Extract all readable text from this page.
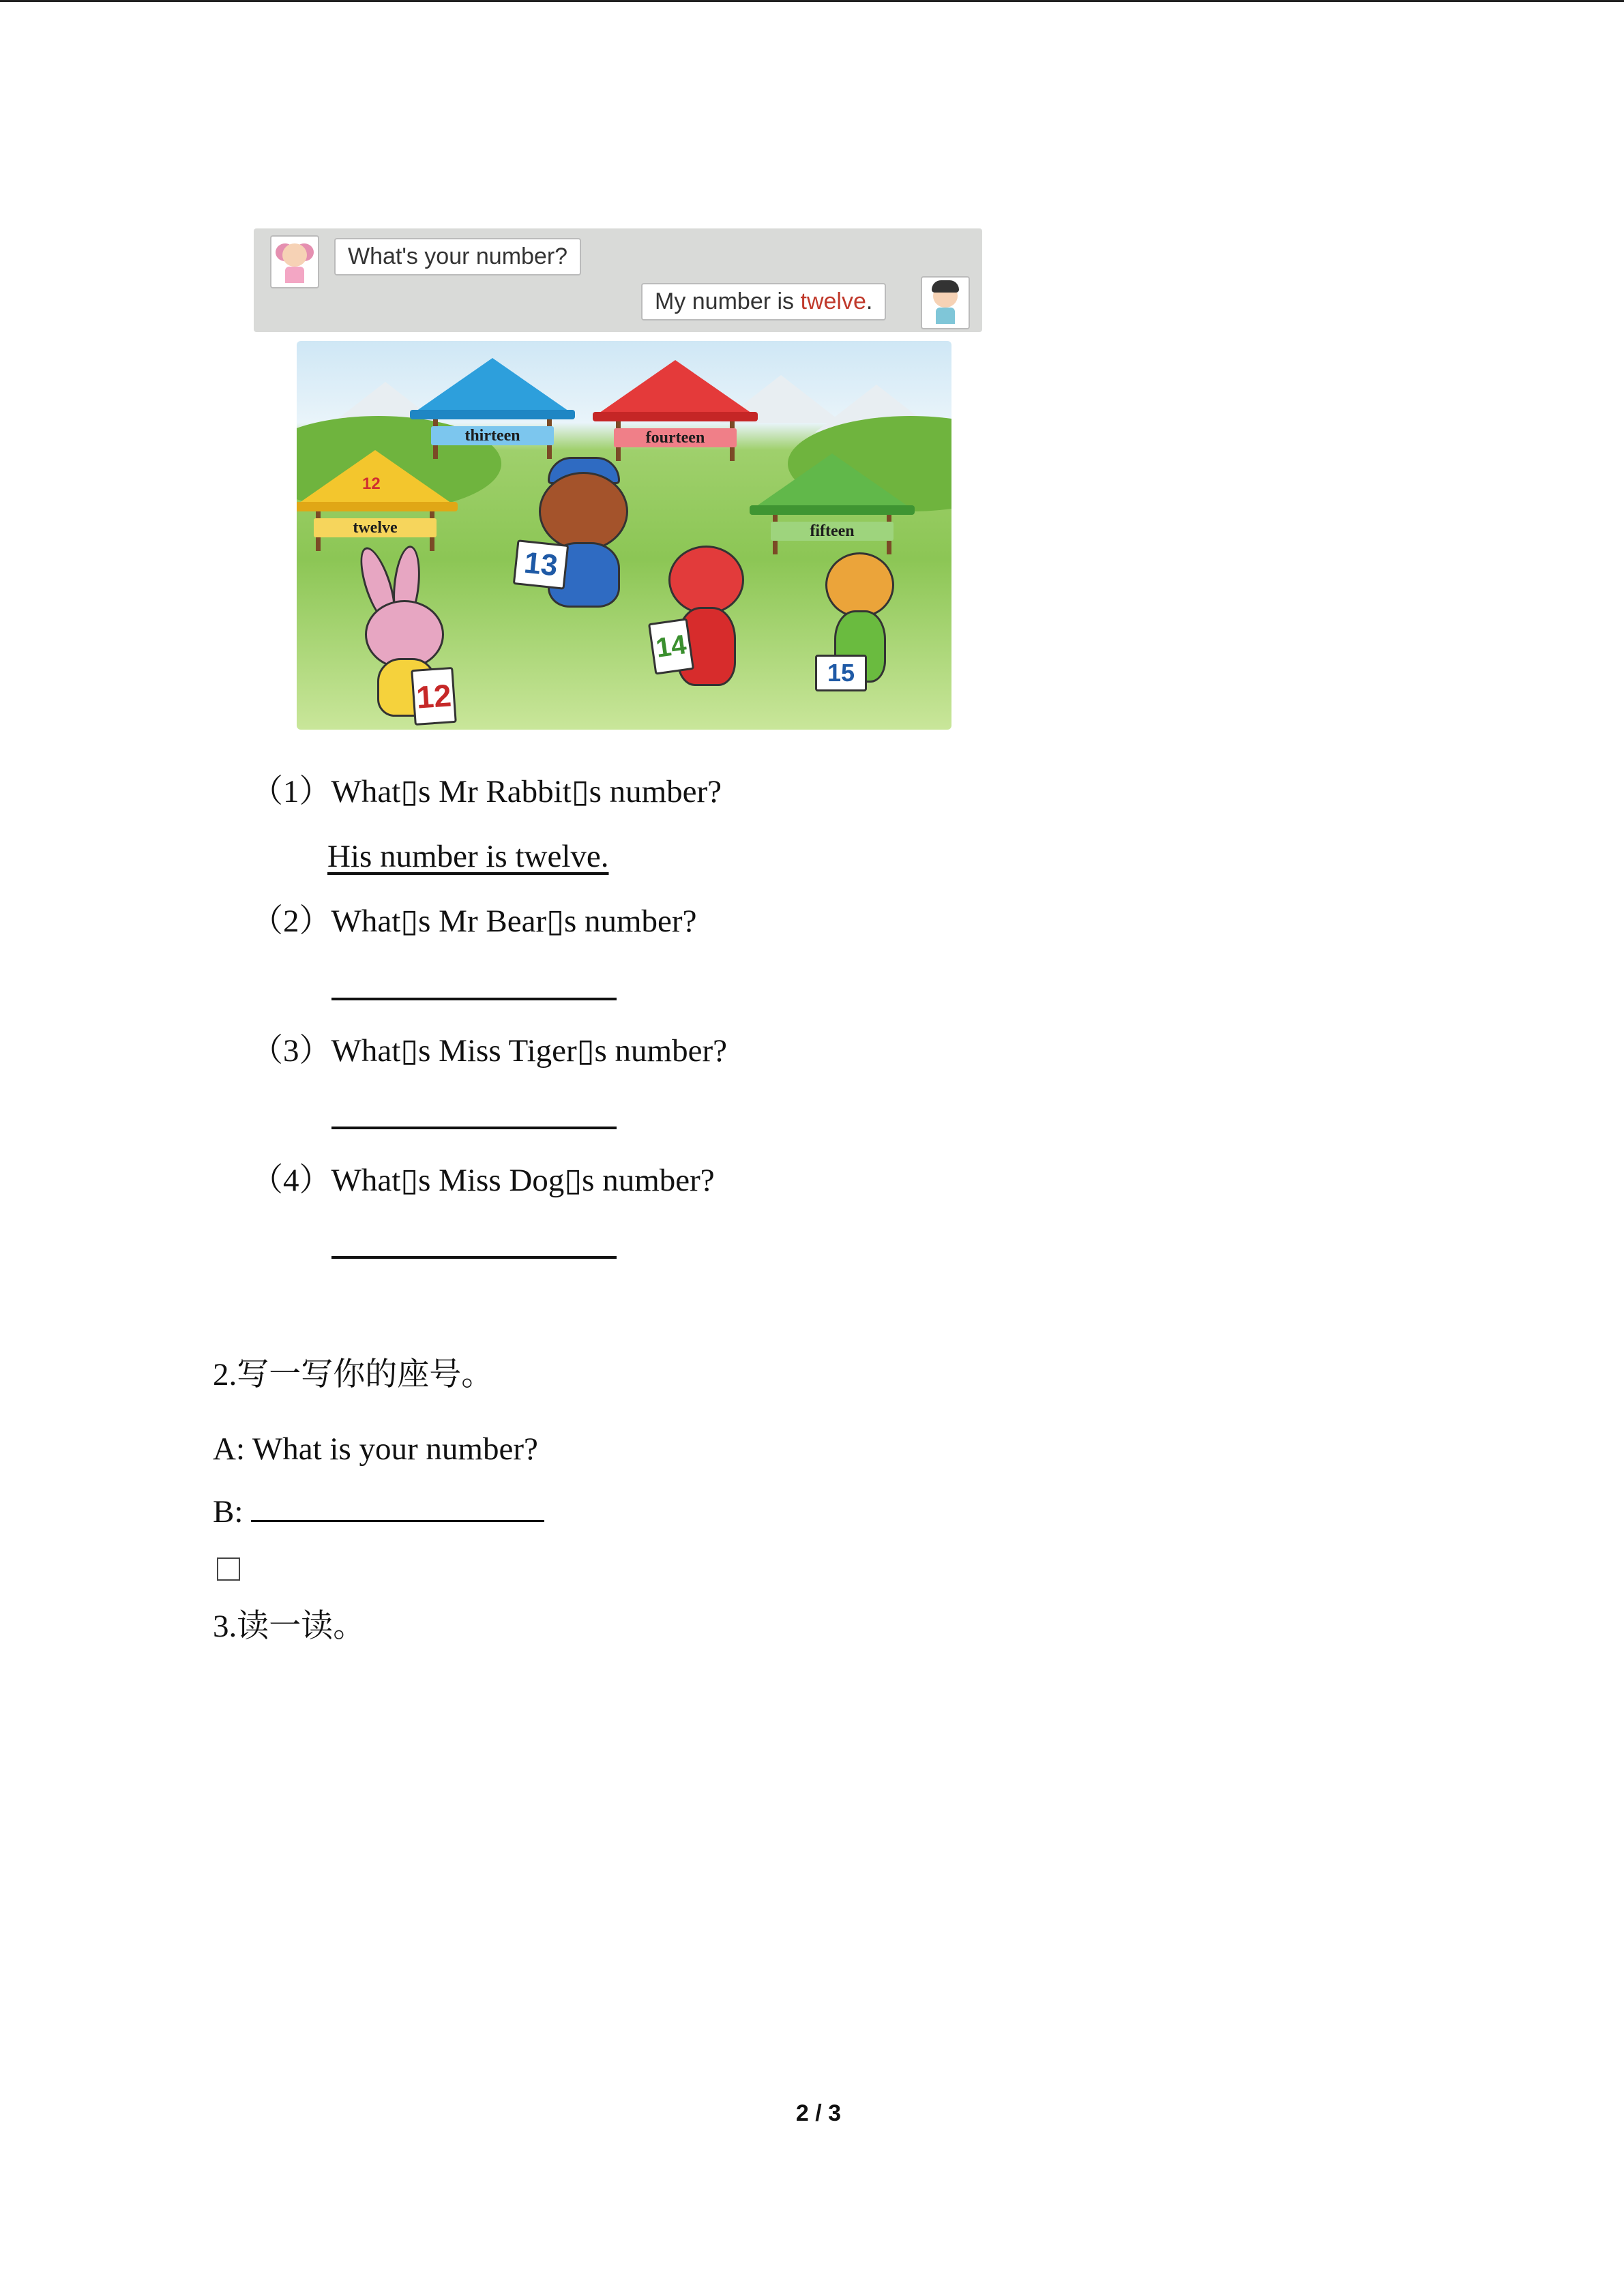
What's your number?
My number is twelve.
thirteen	fourteen
12
twelve	fifteen
12
13
14
15
（1）What▯s Mr Rabbit▯s number?
His number is twelve.
（2）What▯s Mr Bear▯s number?
（3）What▯s Miss Tiger▯s number?
（4）What▯s Miss Dog▯s number?
2.写一写你的座号。
A: What is your number?
B:
3.读一读。
2 / 3
